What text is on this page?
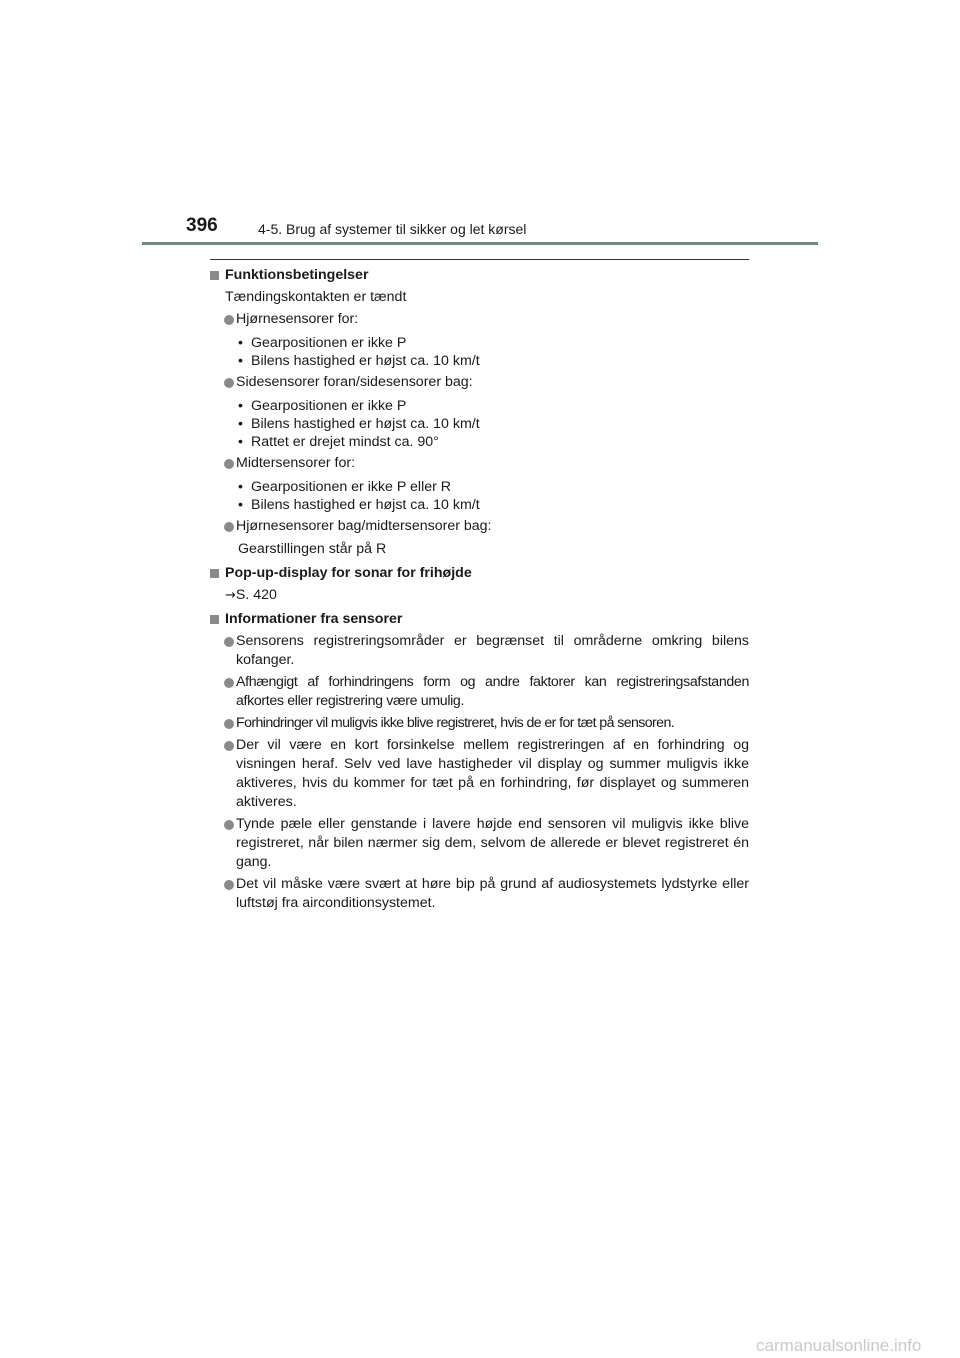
396	4-5. Brug af systemer til sikker og let kørsel
Funktionsbetingelser
Tændingskontakten er tændt
Hjørnesensorer for:
• Gearpositionen er ikke P
• Bilens hastighed er højst ca. 10 km/t
Sidesensorer foran/sidesensorer bag:
• Gearpositionen er ikke P
• Bilens hastighed er højst ca. 10 km/t
• Rattet er drejet mindst ca. 90°
Midtersensorer for:
• Gearpositionen er ikke P eller R
• Bilens hastighed er højst ca. 10 km/t
Hjørnesensorer bag/midtersensorer bag:
Gearstillingen står på R
Pop-up-display for sonar for frihøjde
→S. 420
Informationer fra sensorer
Sensorens registreringsområder er begrænset til områderne omkring bilens kofanger.
Afhængigt af forhindringens form og andre faktorer kan registreringsafstanden afkortes eller registrering være umulig.
Forhindringer vil muligvis ikke blive registreret, hvis de er for tæt på sensoren.
Der vil være en kort forsinkelse mellem registreringen af en forhindring og visningen heraf. Selv ved lave hastigheder vil display og summer muligvis ikke aktiveres, hvis du kommer for tæt på en forhindring, før displayet og summeren aktiveres.
Tynde pæle eller genstande i lavere højde end sensoren vil muligvis ikke blive registreret, når bilen nærmer sig dem, selvom de allerede er blevet registreret én gang.
Det vil måske være svært at høre bip på grund af audiosystemets lydstyrke eller luftstøj fra airconditionsystemet.
carmanualsonline.info
